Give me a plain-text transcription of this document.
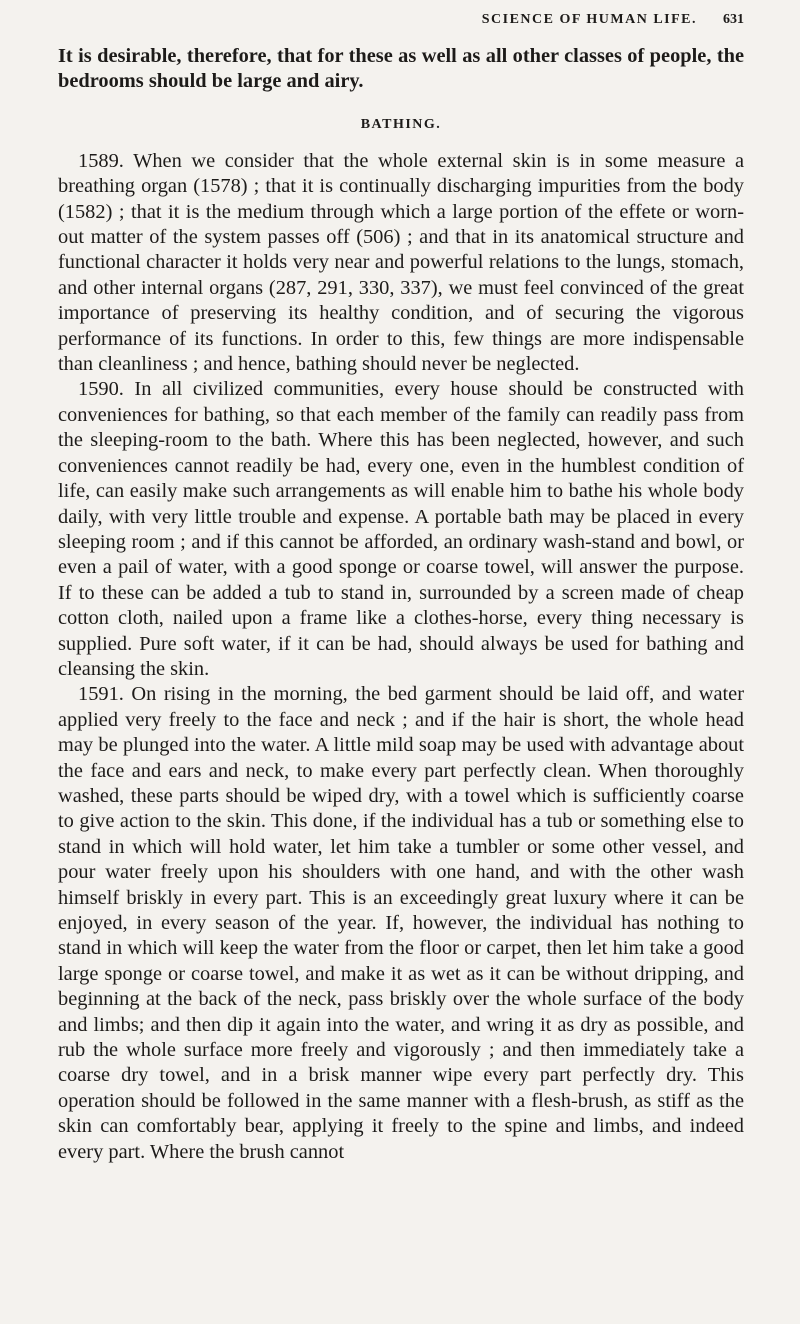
SCIENCE OF HUMAN LIFE. 631

It is desirable, therefore, that for these as well as all other classes of people, the bedrooms should be large and airy.

BATHING.

1589. When we consider that the whole external skin is in some measure a breathing organ (1578) ; that it is continually discharging impurities from the body (1582) ; that it is the medium through which a large portion of the effete or worn-out matter of the system passes off (506) ; and that in its anatomical structure and functional character it holds very near and powerful relations to the lungs, stomach, and other internal organs (287, 291, 330, 337), we must feel convinced of the great importance of preserving its healthy condition, and of securing the vigorous performance of its functions. In order to this, few things are more indispensable than cleanliness ; and hence, bathing should never be neglected.

1590. In all civilized communities, every house should be constructed with conveniences for bathing, so that each member of the family can readily pass from the sleeping-room to the bath. Where this has been neglected, however, and such conveniences cannot readily be had, every one, even in the humblest condition of life, can easily make such arrangements as will enable him to bathe his whole body daily, with very little trouble and expense. A portable bath may be placed in every sleeping room ; and if this cannot be afforded, an ordinary wash-stand and bowl, or even a pail of water, with a good sponge or coarse towel, will answer the purpose. If to these can be added a tub to stand in, surrounded by a screen made of cheap cotton cloth, nailed upon a frame like a clothes-horse, every thing necessary is supplied. Pure soft water, if it can be had, should always be used for bathing and cleansing the skin.

1591. On rising in the morning, the bed garment should be laid off, and water applied very freely to the face and neck ; and if the hair is short, the whole head may be plunged into the water. A little mild soap may be used with advantage about the face and ears and neck, to make every part perfectly clean. When thoroughly washed, these parts should be wiped dry, with a towel which is sufficiently coarse to give action to the skin. This done, if the individual has a tub or something else to stand in which will hold water, let him take a tumbler or some other vessel, and pour water freely upon his shoulders with one hand, and with the other wash himself briskly in every part. This is an exceedingly great luxury where it can be enjoyed, in every season of the year. If, however, the individual has nothing to stand in which will keep the water from the floor or carpet, then let him take a good large sponge or coarse towel, and make it as wet as it can be without dripping, and beginning at the back of the neck, pass briskly over the whole surface of the body and limbs; and then dip it again into the water, and wring it as dry as possible, and rub the whole surface more freely and vigorously ; and then immediately take a coarse dry towel, and in a brisk manner wipe every part perfectly dry. This operation should be followed in the same manner with a flesh-brush, as stiff as the skin can comfortably bear, applying it freely to the spine and limbs, and indeed every part. Where the brush cannot
